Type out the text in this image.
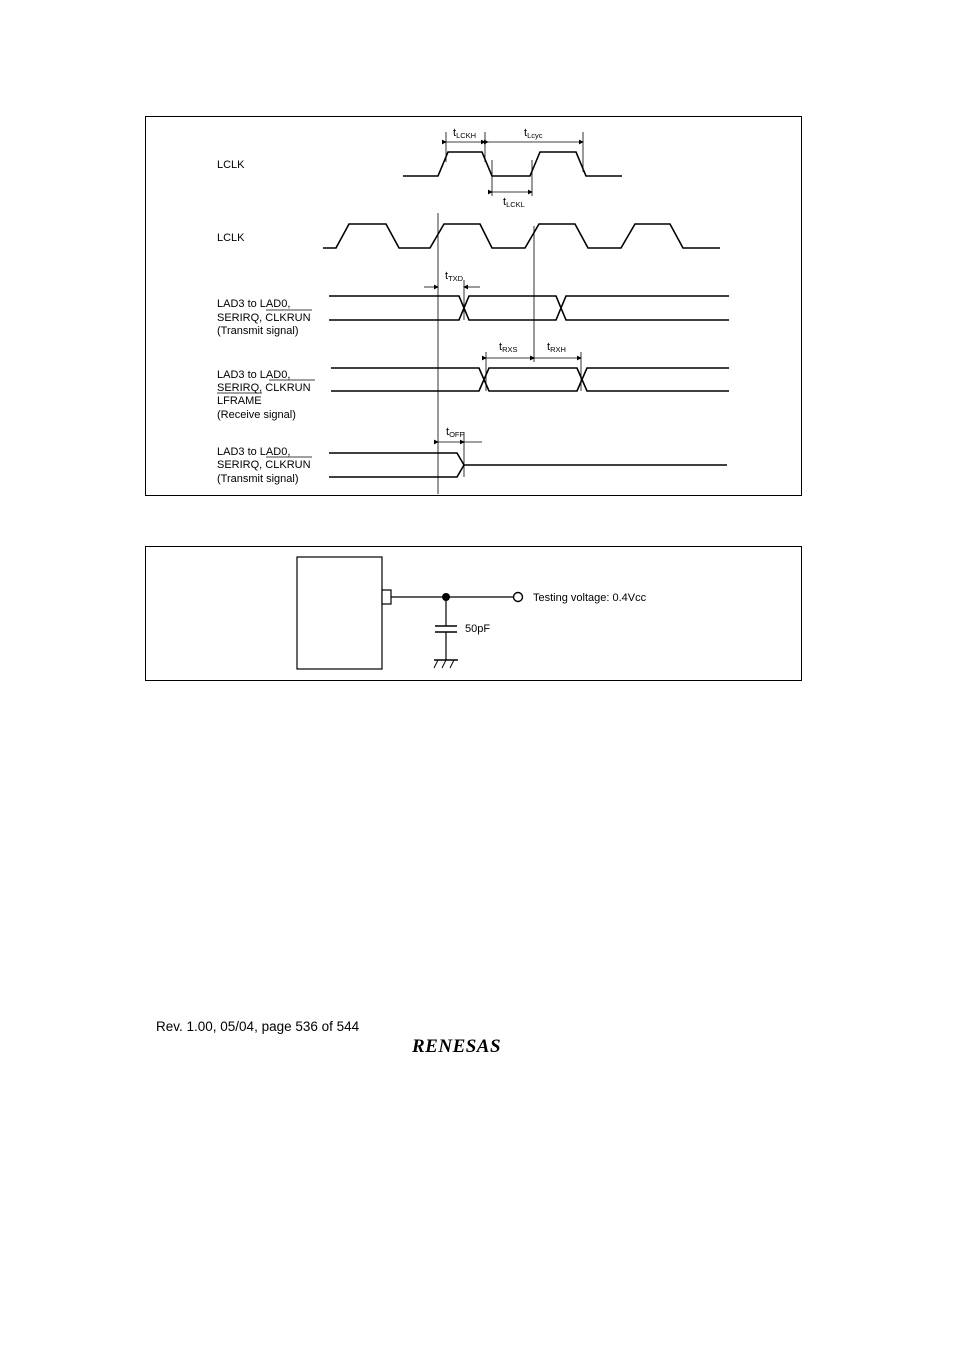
LCLK
tLCKH	tLcyc
tLCKL
LCLK
LAD3 to LAD0,
SERIRQ, CLKRUN
(Transmit signal)
tTXD
LAD3 to LAD0,
SERIRQ, CLKRUN
LFRAME
(Receive signal)
tRXS	tRXH
LAD3 to LAD0,
SERIRQ, CLKRUN
(Transmit signal)
tOFF
Testing voltage: 0.4Vcc
50pF
Rev. 1.00, 05/04, page 536 of 544
RENESAS
